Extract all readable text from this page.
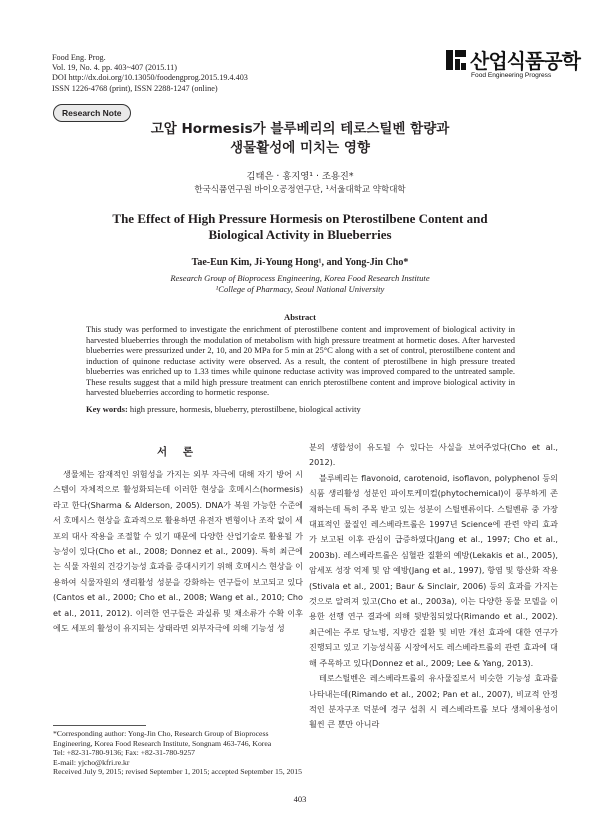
Food Eng. Prog.
Vol. 19, No. 4. pp. 403~407 (2015.11)
DOI http://dx.doi.org/10.13050/foodengprog.2015.19.4.403
ISSN 1226-4768 (print), ISSN 2288-1247 (online)
산업식품공학
Food Engineering Progress
Research Note
고압 Hormesis가 블루베리의 테로스틸벤 함량과
생물활성에 미치는 영향
김태은 · 홍지영¹ · 조용진*
한국식품연구원 바이오공정연구단, ¹서울대학교 약학대학
The Effect of High Pressure Hormesis on Pterostilbene Content and
Biological Activity in Blueberries
Tae-Eun Kim, Ji-Young Hong¹, and Yong-Jin Cho*
Research Group of Bioprocess Engineering, Korea Food Research Institute
¹College of Pharmacy, Seoul National University
Abstract
This study was performed to investigate the enrichment of pterostilbene content and improvement of biological activity in harvested blueberries through the modulation of metabolism with high pressure treatment at hormetic doses. After harvested blueberries were pressurized under 2, 10, and 20 MPa for 5 min at 25°C along with a set of control, pterostilbene content and induction of quinone reductase activity were observed. As a result, the content of pterostilbene in high pressure treated blueberries was enriched up to 1.33 times while quinone reductase activity was improved compared to the untreated sample. These results suggest that a mild high pressure treatment can enrich pterostilbene content and improve biological activity in harvested blueberries according to hormetic response.
Key words: high pressure, hormesis, blueberry, pterostilbene, biological activity
서 론

생물체는 잠재적인 위험성을 가지는 외부 자극에 대해 자기 방어 시스템이 자체적으로 활성화되는데 이러한 현상을 호메시스(hormesis)라고 한다(Sharma & Alderson, 2005). DNA가 복원 가능한 수준에서 호메시스 현상을 효과적으로 활용하면 유전자 변형이나 조작 없이 세포의 대사 작용을 조절할 수 있기 때문에 다양한 산업기술로 활용될 가능성이 있다(Cho et al., 2008; Donnez et al., 2009). 특히 최근에는 식물 자원의 건강기능성 효과를 증대시키기 위해 호메시스 현상을 이용하여 식물자원의 생리활성 성분을 강화하는 연구들이 보고되고 있다(Cantos et al., 2000; Cho et al., 2008; Wang et al., 2010; Cho et al., 2011, 2012). 이러한 연구들은 과실류 및 채소류가 수확 이후에도 세포의 활성이 유지되는 상태라면 외부자극에 의해 기능성 성

*Corresponding author: Yong-Jin Cho, Research Group of Bioprocess Engineering, Korea Food Research Institute, Songnam 463-746, Korea
Tel: +82-31-780-9136; Fax: +82-31-780-9257
E-mail: yjcho@kfri.re.kr
Received July 9, 2015; revised September 1, 2015; accepted September 15, 2015

분의 생합성이 유도될 수 있다는 사실을 보여주었다(Cho et al., 2012).

블루베리는 flavonoid, carotenoid, isoflavon, polyphenol 등의 식품 생리활성 성분인 파이토케미컬(phytochemical)이 풍부하게 존재하는데 특히 주목 받고 있는 성분이 스틸벤류이다. 스틸벤류 중 가장 대표적인 물질인 레스베라트롤은 1997년 Science에 관련 약리 효과가 보고된 이후 관심이 급증하였다(Jang et al., 1997; Cho et al., 2003b). 레스베라트롤은 심혈관 질환의 예방(Lekakis et al., 2005), 암세포 성장 억제 및 암 예방(Jang et al., 1997), 항염 및 항산화 작용(Stivala et al., 2001; Baur & Sinclair, 2006) 등의 효과를 가지는 것으로 알려져 있고(Cho et al., 2003a), 이는 다양한 동물 모델을 이용한 선행 연구 결과에 의해 뒷받침되었다(Rimando et al., 2002). 최근에는 주로 당뇨병, 지방간 질환 및 비만 개선 효과에 대한 연구가 진행되고 있고 기능성식품 시장에서도 레스베라트롤의 관련 효과에 대해 주목하고 있다(Donnez et al., 2009; Lee & Yang, 2013).

테로스틸벤은 레스베라트롤의 유사물질로서 비슷한 기능성 효과를 나타내는데(Rimando et al., 2002; Pan et al., 2007), 비교적 안정적인 분자구조 덕분에 경구 섭취 시 레스베라트롤 보다 생체이용성이 훨씬 큰 뿐만 아니라

403
